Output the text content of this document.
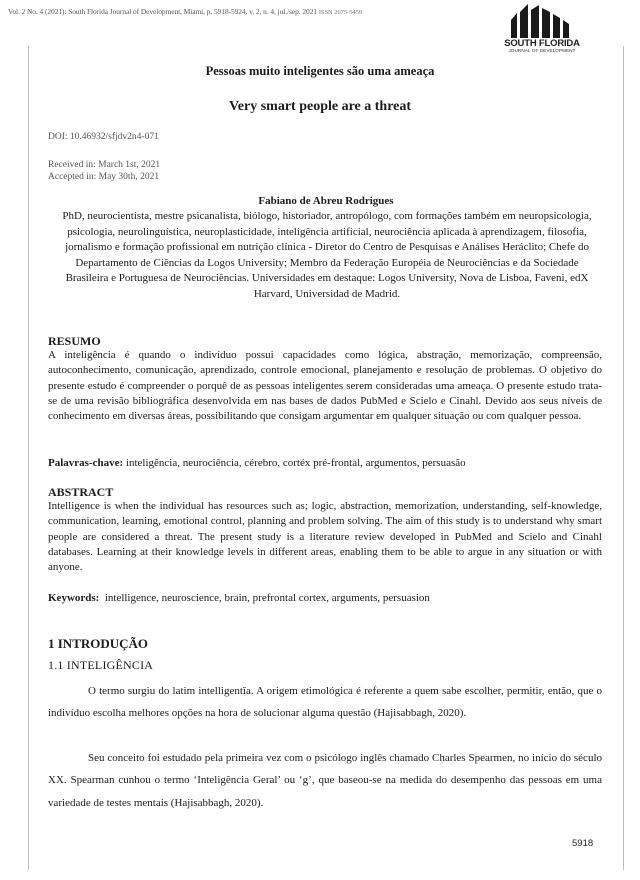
Vol. 2 No. 4 (2021): South Florida Journal of Development, Miami, p. 5918-5924, v. 2, n. 4, jul./sep. 2021 ISSN 2675-5459
SOUTH FLORIDA
JOURNAL OF DEVELOPMENT
Pessoas muito inteligentes são uma ameaça
Very smart people are a threat
DOI: 10.46932/sfjdv2n4-071
Received in: March 1st, 2021
Accepted in: May 30th, 2021
Fabiano de Abreu Rodrigues
PhD, neurocientista, mestre psicanalista, biólogo, historiador, antropólogo, com formações também em neuropsicologia, psicologia, neurolinguística, neuroplasticidade, inteligência artificial, neurociência aplicada à aprendizagem, filosofia, jornalismo e formação profissional em nutrição clínica - Diretor do Centro de Pesquisas e Análises Heráclito; Chefe do Departamento de Ciências da Logos University; Membro da Federação Européia de Neurociências e da Sociedade Brasileira e Portuguesa de Neurociências. Universidades em destaque: Logos University, Nova de Lisboa, Faveni, edX Harvard, Universidad de Madrid.
RESUMO
A inteligência é quando o indivíduo possui capacidades como lógica, abstração, memorização, compreensão, autoconhecimento, comunicação, aprendizado, controle emocional, planejamento e resolução de problemas. O objetivo do presente estudo é compreender o porquê de as pessoas inteligentes serem consideradas uma ameaça. O presente estudo trata-se de uma revisão bibliográfica desenvolvida em nas bases de dados PubMed e Scielo e Cinahl. Devido aos seus níveis de conhecimento em diversas áreas, possibilitando que consigam argumentar em qualquer situação ou com qualquer pessoa.
Palavras-chave: inteligência, neurociência, cérebro, cortéx pré-frontal, argumentos, persuasão
ABSTRACT
Intelligence is when the individual has resources such as; logic, abstraction, memorization, understanding, self-knowledge, communication, learning, emotional control, planning and problem solving. The aim of this study is to understand why smart people are considered a threat. The present study is a literature review developed in PubMed and Scielo and Cinahl databases. Learning at their knowledge levels in different areas, enabling them to be able to argue in any situation or with anyone.
Keywords: intelligence, neuroscience, brain, prefrontal cortex, arguments, persuasion
1 INTRODUÇÃO
1.1 INTELIGÊNCIA
O termo surgiu do latim intelligentĭa. A origem etimológica é referente a quem sabe escolher, permitir, então, que o indivíduo escolha melhores opções na hora de solucionar alguma questão (Hajisabbagh, 2020).
Seu conceito foi estudado pela primeira vez com o psicólogo inglês chamado Charles Spearmen, no início do século XX. Spearman cunhou o termo ‘Inteligência Geral’ ou ‘g’, que baseou-se na medida do desempenho das pessoas em uma variedade de testes mentais (Hajisabbagh, 2020).
5918
